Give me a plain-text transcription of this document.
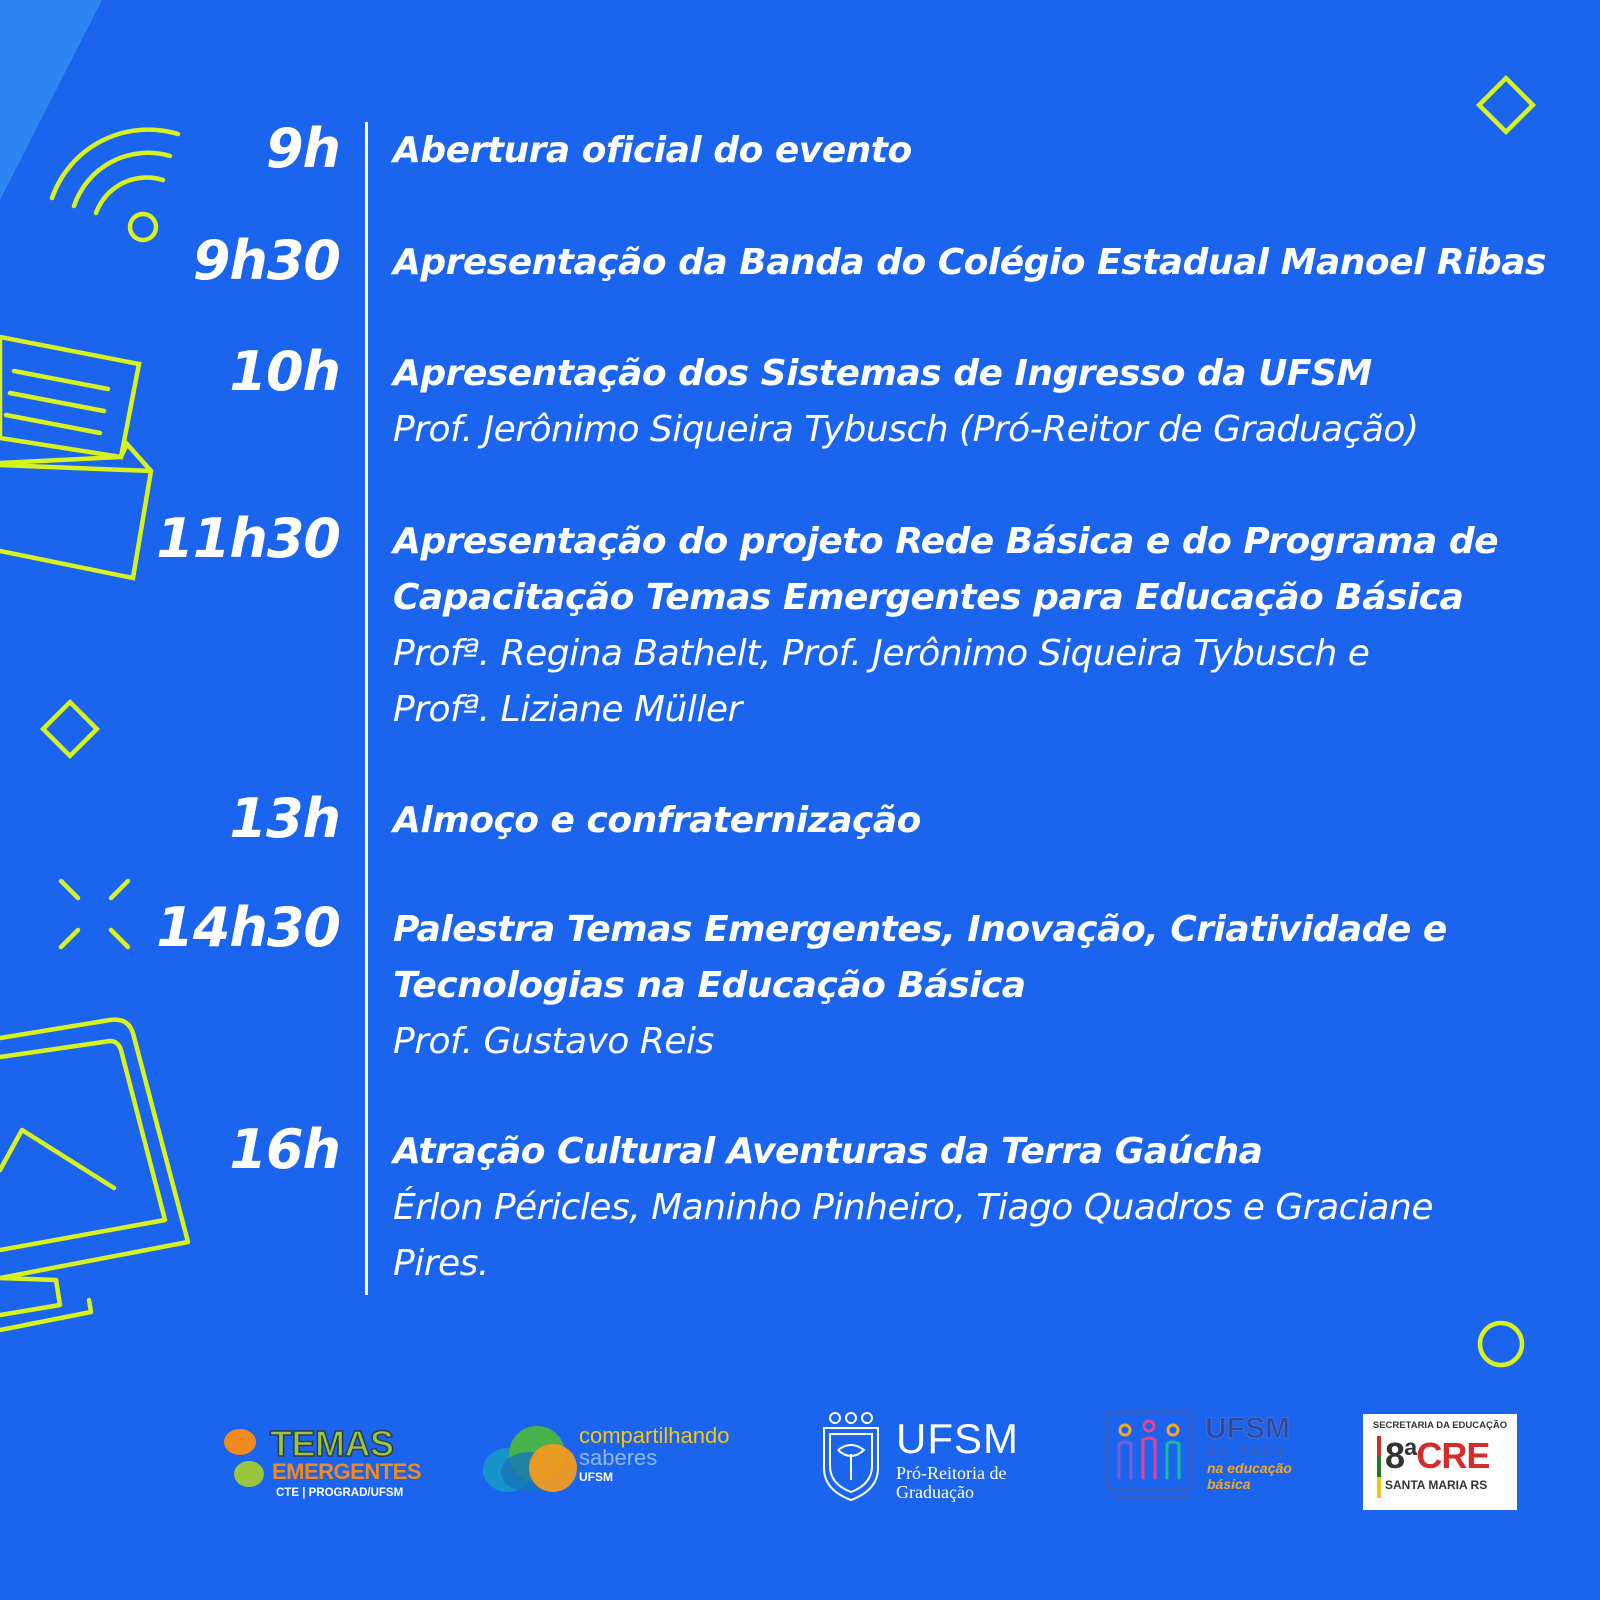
9h Abertura oficial do evento
9h30 Apresentação da Banda do Colégio Estadual Manoel Ribas
10h Apresentação dos Sistemas de Ingresso da UFSM
Prof. Jerônimo Siqueira Tybusch (Pró-Reitor de Graduação)
11h30 Apresentação do projeto Rede Básica e do Programa de
Capacitação Temas Emergentes para Educação Básica
Profª. Regina Bathelt, Prof. Jerônimo Siqueira Tybusch e
Profª. Liziane Müller
13h Almoço e confraternização
14h30 Palestra Temas Emergentes, Inovação, Criatividade e
Tecnologias na Educação Básica
Prof. Gustavo Reis
16h Atração Cultural Aventuras da Terra Gaúcha
Érlon Péricles, Maninho Pinheiro, Tiago Quadros e Graciane
Pires.
TEMAS
EMERGENTES
CTE | PROGRAD/UFSM
compartilhando
saberes
UFSM
UFSM
Pró-Reitoria de
Graduação
UFSM
EM REDE
na educação
básica
SECRETARIA DA EDUCAÇÃO
8ªCRE
SANTA MARIA RS
